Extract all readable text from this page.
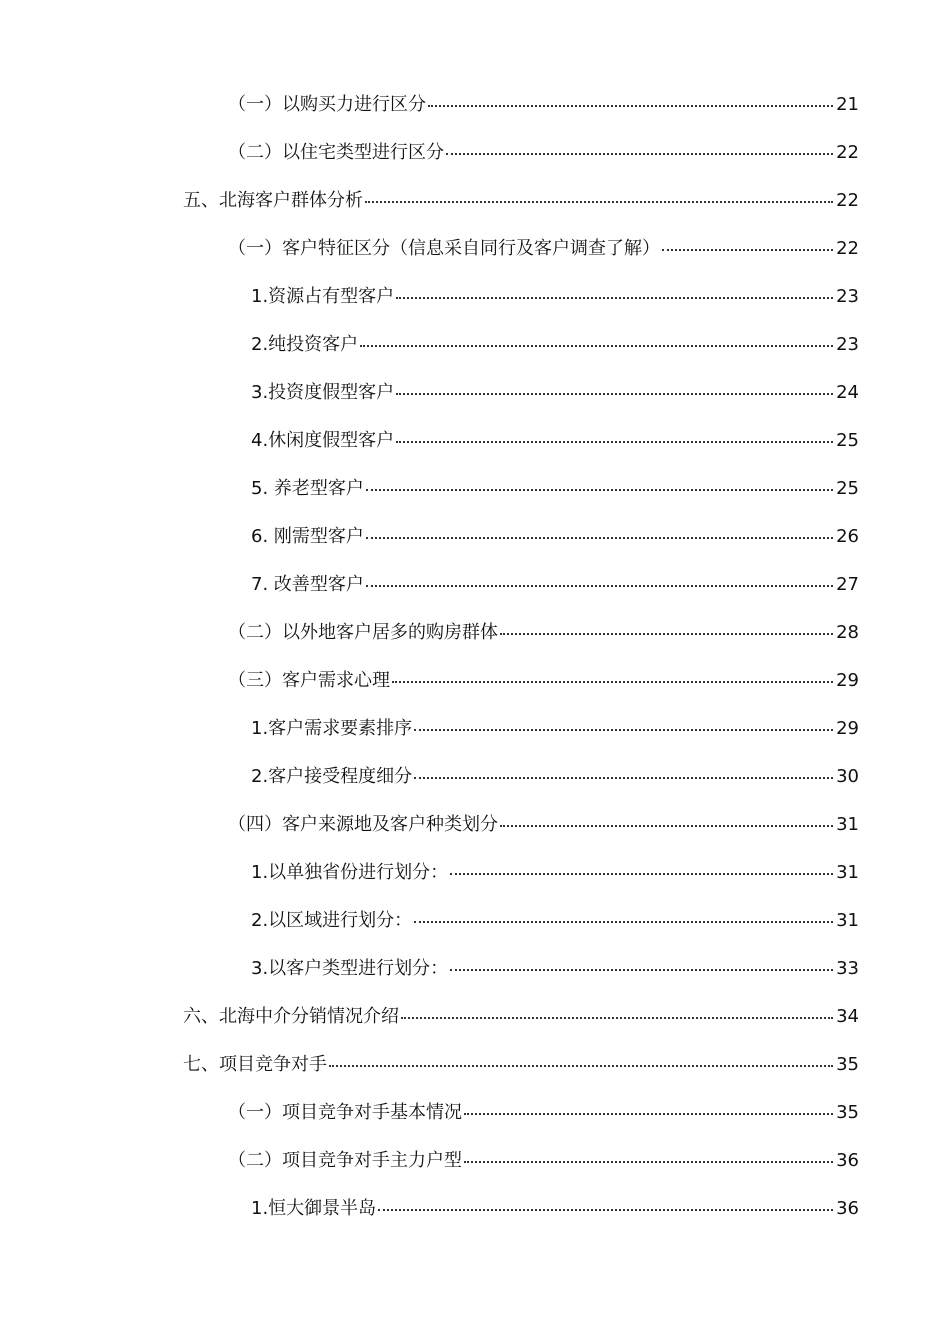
（一）以购买力进行区分	21
（二）以住宅类型进行区分	22
五、北海客户群体分析	22
（一）客户特征区分（信息采自同行及客户调查了解）	22
1.资源占有型客户	23
2.纯投资客户	23
3.投资度假型客户	24
4.休闲度假型客户	25
5. 养老型客户	25
6. 刚需型客户	26
7. 改善型客户	27
（二）以外地客户居多的购房群体	28
（三）客户需求心理	29
1.客户需求要素排序	29
2.客户接受程度细分	30
（四）客户来源地及客户种类划分	31
1.以单独省份进行划分：	31
2.以区域进行划分：	31
3.以客户类型进行划分：	33
六、北海中介分销情况介绍	34
七、项目竞争对手	35
（一）项目竞争对手基本情况	35
（二）项目竞争对手主力户型	36
1.恒大御景半岛	36
